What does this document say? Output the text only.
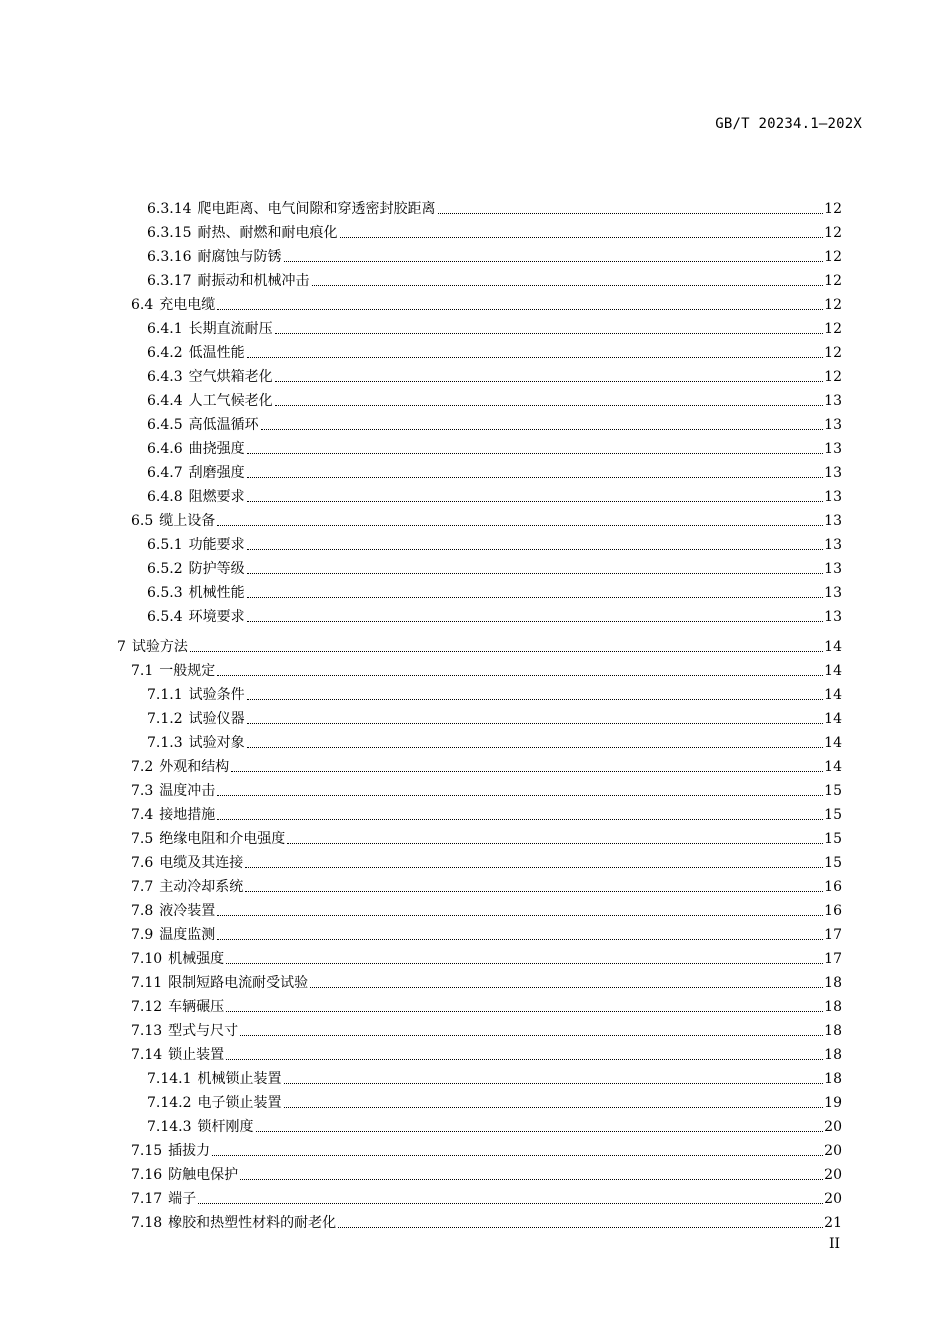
GB/T 20234.1—202X
6.3.14 爬电距离、电气间隙和穿透密封胶距离	12
6.3.15 耐热、耐燃和耐电痕化	12
6.3.16 耐腐蚀与防锈	12
6.3.17 耐振动和机械冲击	12
6.4 充电电缆	12
6.4.1 长期直流耐压	12
6.4.2 低温性能	12
6.4.3 空气烘箱老化	12
6.4.4 人工气候老化	13
6.4.5 高低温循环	13
6.4.6 曲挠强度	13
6.4.7 刮磨强度	13
6.4.8 阻燃要求	13
6.5 缆上设备	13
6.5.1 功能要求	13
6.5.2 防护等级	13
6.5.3 机械性能	13
6.5.4 环境要求	13
7 试验方法	14
7.1 一般规定	14
7.1.1 试验条件	14
7.1.2 试验仪器	14
7.1.3 试验对象	14
7.2 外观和结构	14
7.3 温度冲击	15
7.4 接地措施	15
7.5 绝缘电阻和介电强度	15
7.6 电缆及其连接	15
7.7 主动冷却系统	16
7.8 液冷装置	16
7.9 温度监测	17
7.10 机械强度	17
7.11 限制短路电流耐受试验	18
7.12 车辆碾压	18
7.13 型式与尺寸	18
7.14 锁止装置	18
7.14.1 机械锁止装置	18
7.14.2 电子锁止装置	19
7.14.3 锁杆刚度	20
7.15 插拔力	20
7.16 防触电保护	20
7.17 端子	20
7.18 橡胶和热塑性材料的耐老化	21
II
